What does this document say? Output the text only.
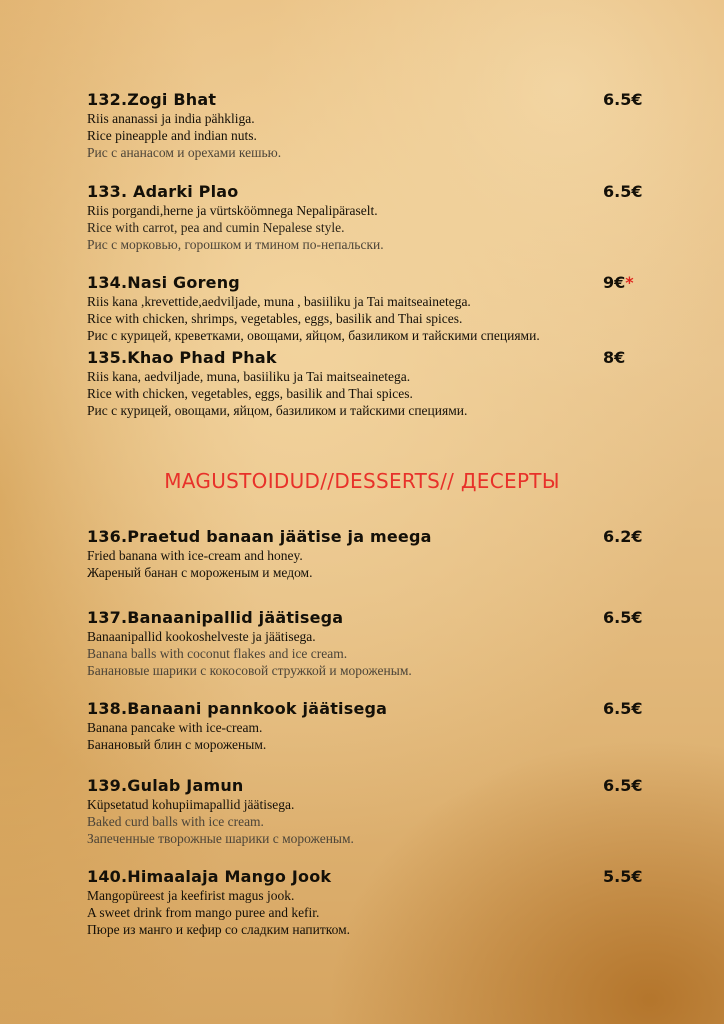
132.Zogi Bhat	6.5€
Riis ananassi ja india pähkliga.
Rice pineapple and indian nuts.
Рис с ананасом и орехами кешью.
133. Adarki Plao	6.5€
Riis porgandi,herne ja vürtsköömnega Nepalipäraselt.
Rice with carrot, pea and cumin Nepalese style.
Рис с морковью, горошком и тмином по-непальски.
134.Nasi Goreng	9€*
Riis kana ,krevettide,aedviljade, muna , basiiliku ja Tai maitseainetega.
Rice with chicken, shrimps, vegetables, eggs, basilik and Thai spices.
Рис с курицей, креветками, овощами, яйцом, базиликом и тайскими специями.
135.Khao Phad Phak	8€
Riis kana, aedviljade, muna, basiiliku ja Tai maitseainetega.
Rice with chicken, vegetables, eggs, basilik and Thai spices.
Рис с курицей, овощами, яйцом, базиликом и тайскими специями.
MAGUSTOIDUD//DESSERTS// ДЕСЕРТЫ
136.Praetud banaan jäätise ja meega	6.2€
Fried banana with ice-cream and honey.
Жареный банан с мороженым и медом.
137.Banaanipallid jäätisega	6.5€
Banaanipallid kookoshelveste ja jäätisega.
Banana balls with coconut flakes and ice cream.
Банановые шарики с кокосовой стружкой и мороженым.
138.Banaani pannkook jäätisega	6.5€
Banana pancake with ice-cream.
Банановый блин с мороженым.
139.Gulab Jamun	6.5€
Küpsetatud kohupiimapallid jäätisega.
Baked curd balls with ice cream.
Запеченные творожные шарики с мороженым.
140.Himaalaja Mango Jook	5.5€
Mangopüreest ja keefirist magus jook.
A sweet drink from mango puree and kefir.
Пюре из манго и кефир со сладким напитком.
